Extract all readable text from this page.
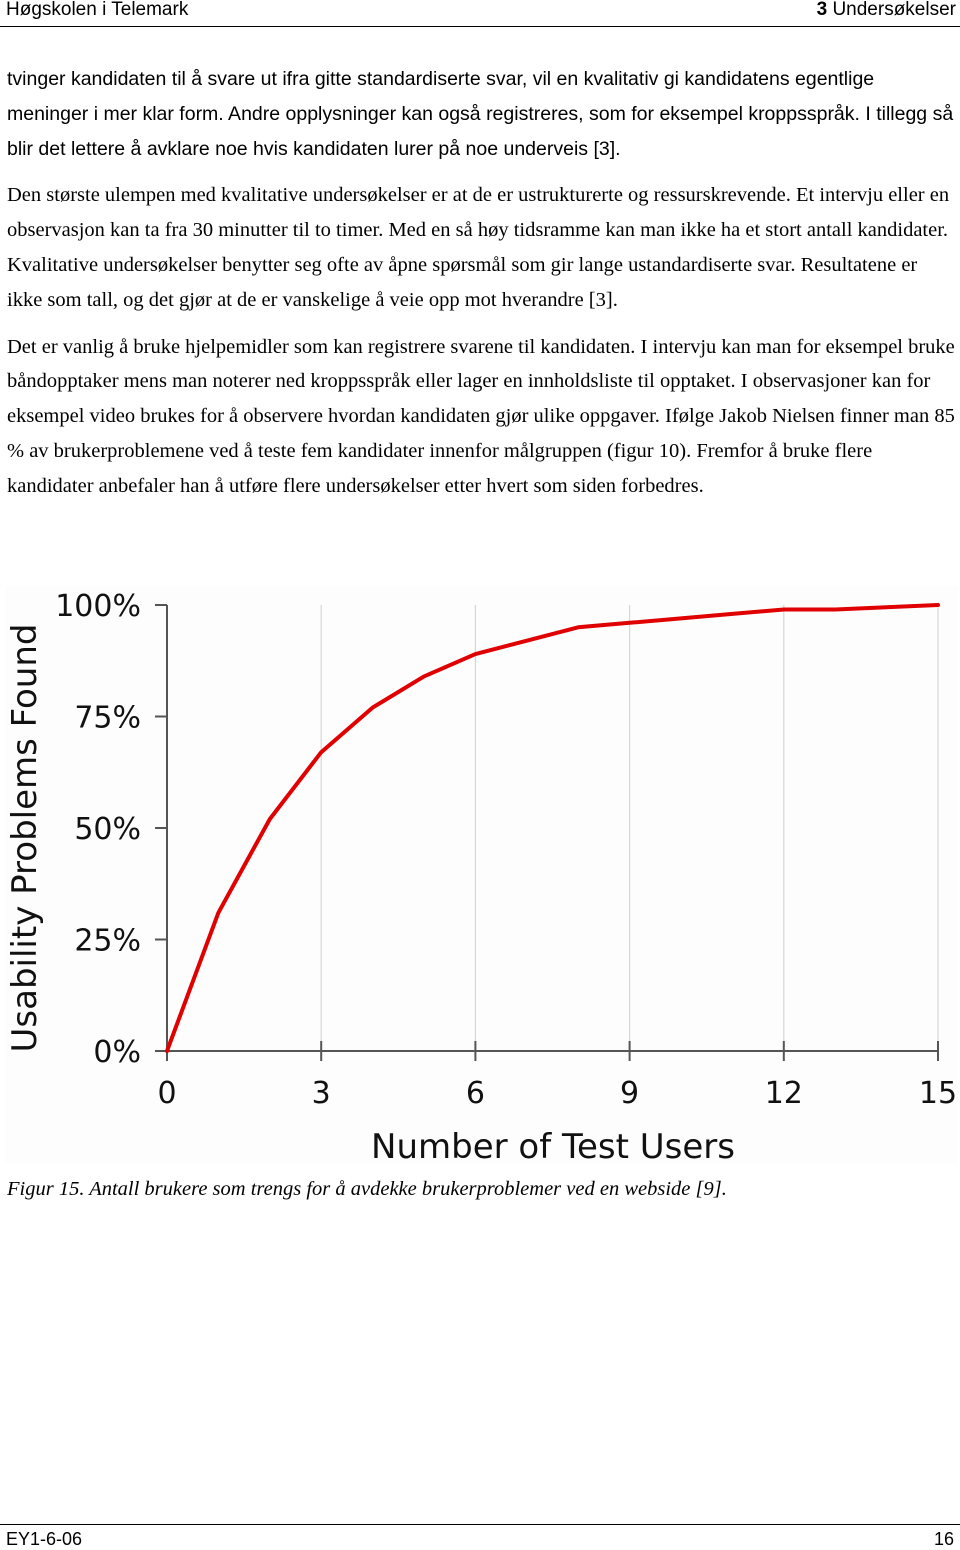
Høgskolen i Telemark	3 Undersøkelser

tvinger kandidaten til å svare ut ifra gitte standardiserte svar, vil en kvalitativ gi kandidatens egentlige meninger i mer klar form. Andre opplysninger kan også registreres, som for eksempel kroppsspråk. I tillegg så blir det lettere å avklare noe hvis kandidaten lurer på noe underveis [3].

Den største ulempen med kvalitative undersøkelser er at de er ustrukturerte og ressurskrevende. Et intervju eller en observasjon kan ta fra 30 minutter til to timer. Med en så høy tidsramme kan man ikke ha et stort antall kandidater. Kvalitative undersøkelser benytter seg ofte av åpne spørsmål som gir lange ustandardiserte svar. Resultatene er ikke som tall, og det gjør at de er vanskelige å veie opp mot hverandre [3].

Det er vanlig å bruke hjelpemidler som kan registrere svarene til kandidaten. I intervju kan man for eksempel bruke båndopptaker mens man noterer ned kroppsspråk eller lager en innholdsliste til opptaket. I observasjoner kan for eksempel video brukes for å observere hvordan kandidaten gjør ulike oppgaver. Ifølge Jakob Nielsen finner man 85 % av brukerproblemene ved å teste fem kandidater innenfor målgruppen (figur 10). Fremfor å bruke flere kandidater anbefaler han å utføre flere undersøkelser etter hvert som siden forbedres.

0	3	6	9	12	15
0%
25%
50%
75%
100%
Number of Test Users
Usability Problems Found
Figur 15. Antall brukere som trengs for å avdekke brukerproblemer ved en webside [9].
EY1-6-06	16
